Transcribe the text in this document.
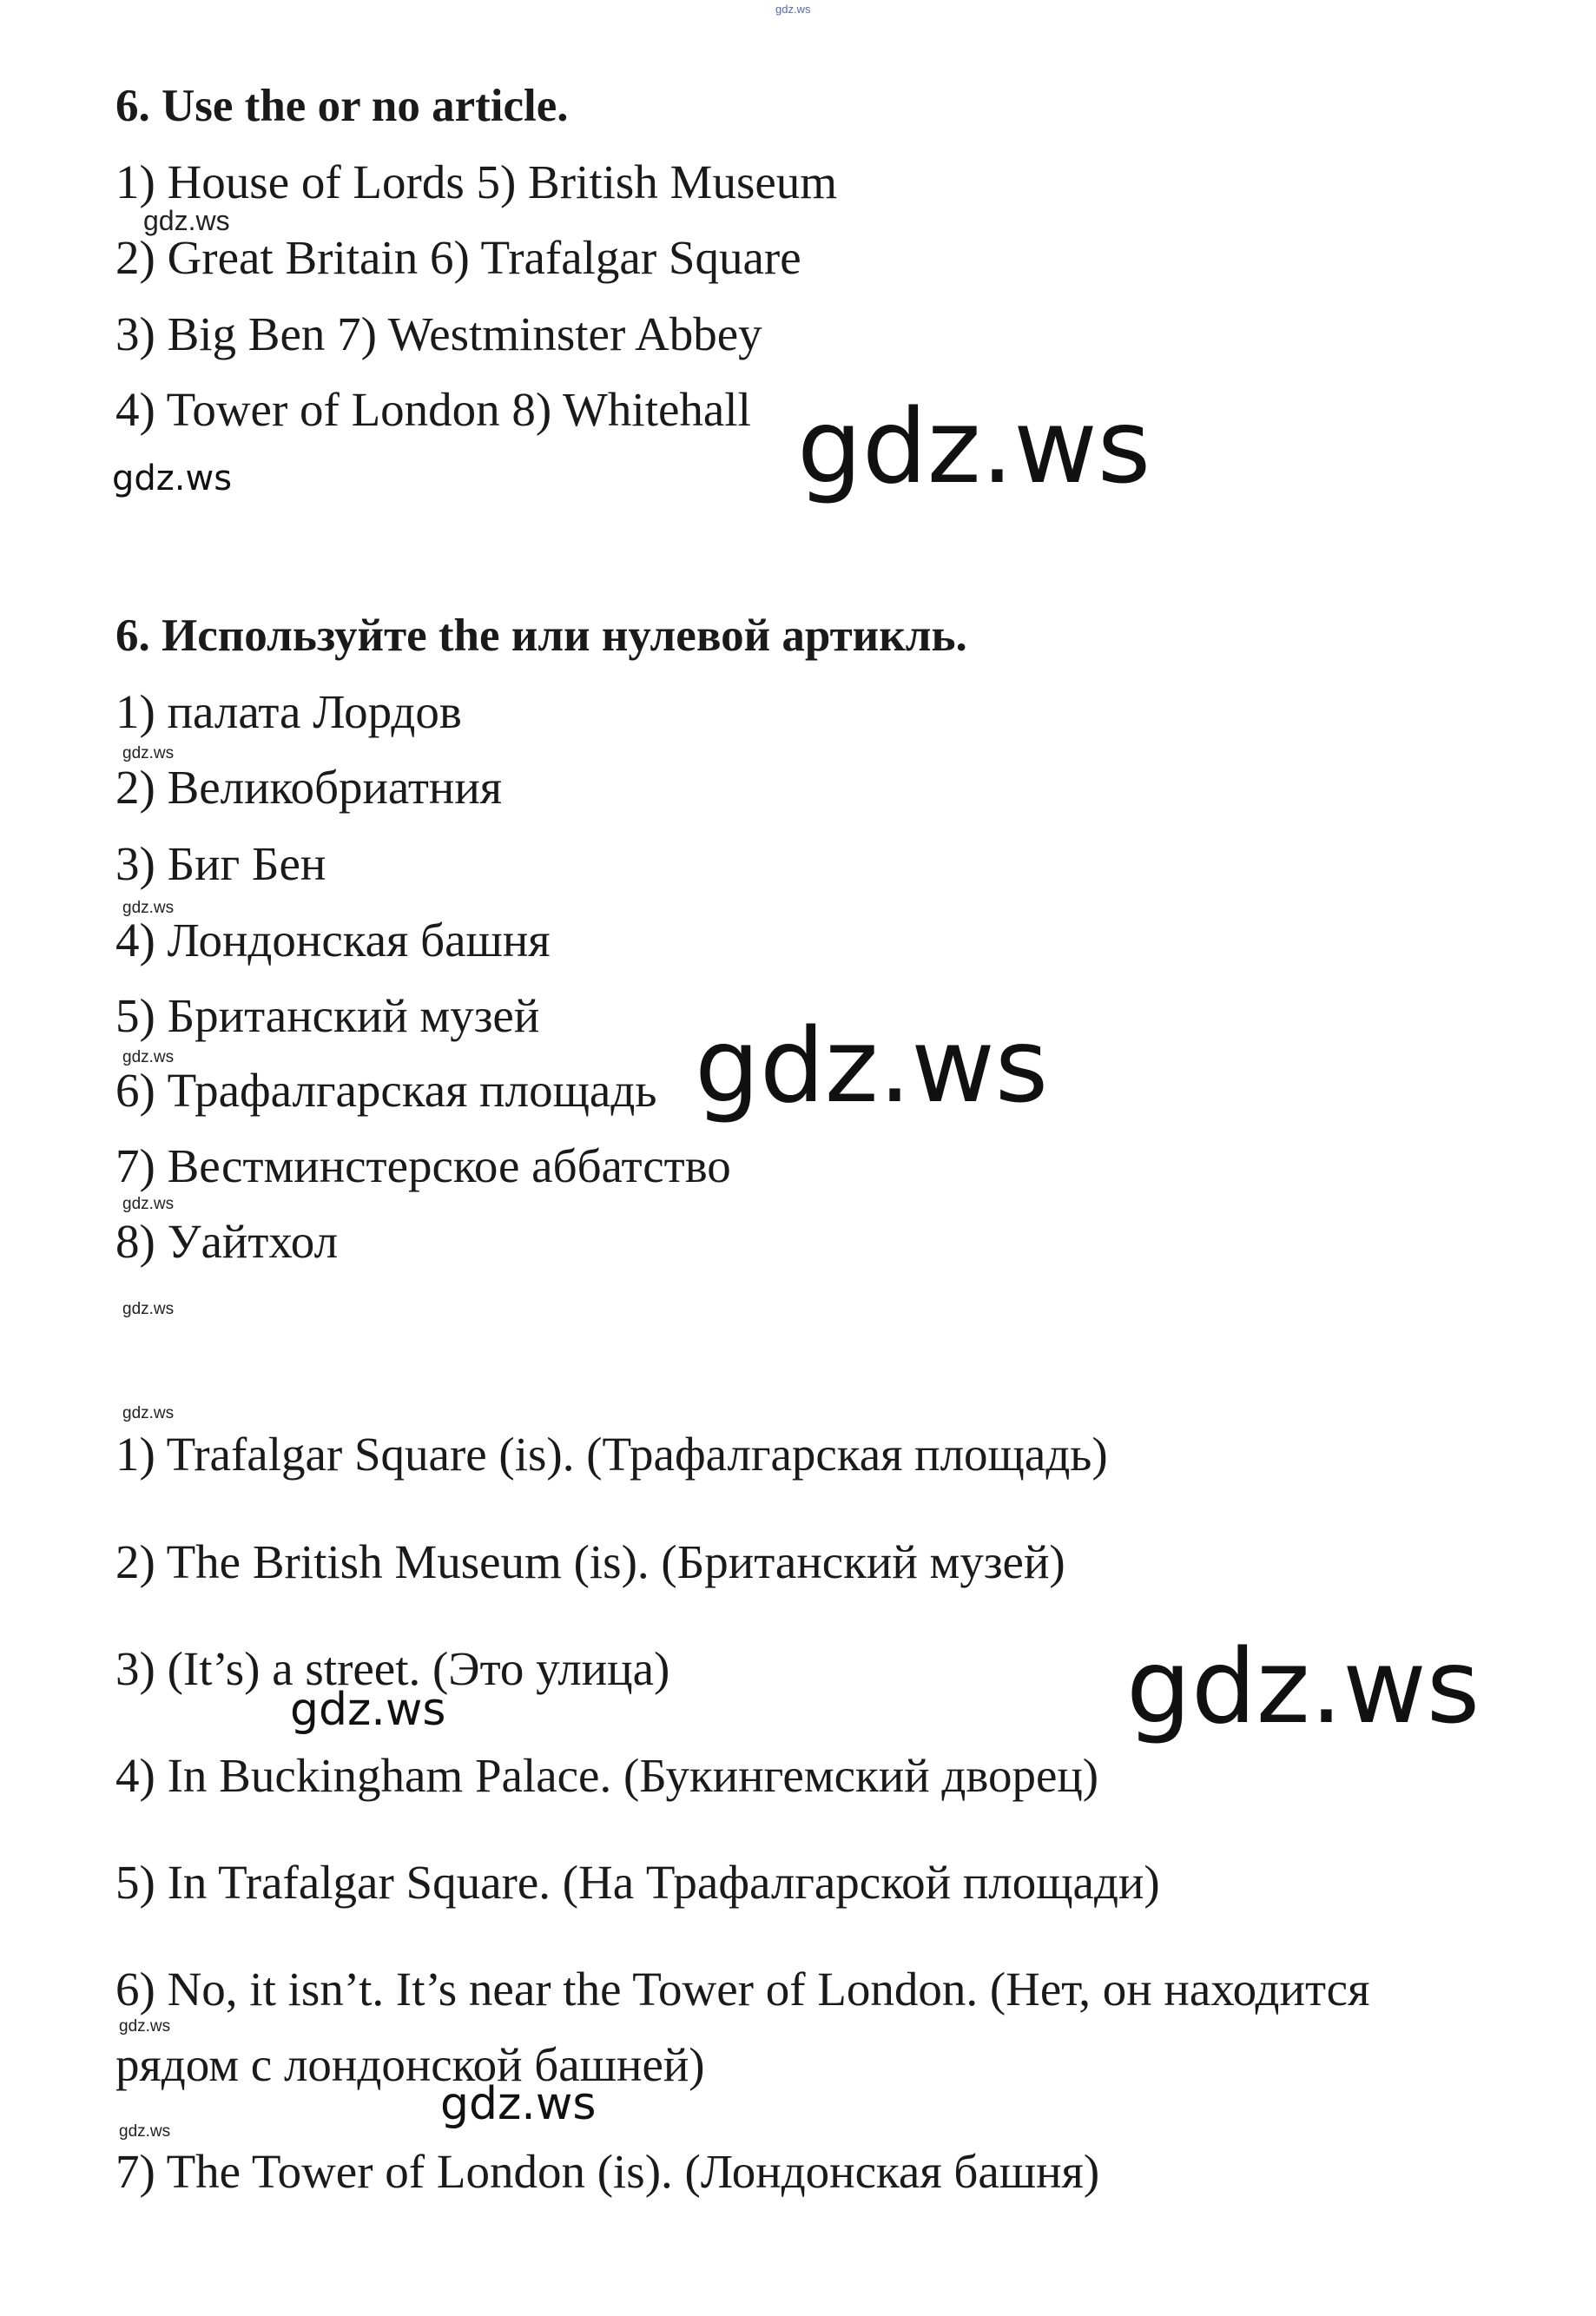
gdz.ws
6. Use the or no article.
1) House of Lords 5) British Museum
gdz.ws
2) Great Britain 6) Trafalgar Square
3) Big Ben 7) Westminster Abbey
4) Tower of London 8) Whitehall gdz.ws
gdz.ws
6. Используйте the или нулевой артикль.
1) палата Лордов
gdz.ws
2) Великобриатния
3) Биг Бен
gdz.ws
4) Лондонская башня
5) Британский музей
gdz.ws
6) Трафалгарская площадь gdz.ws
7) Вестминстерское аббатство
gdz.ws
8) Уайтхол
gdz.ws
gdz.ws
1) Trafalgar Square (is). (Трафалгарская площадь)
2) The British Museum (is). (Британский музей)
3) (It’s) a street. (Это улица)	gdz.ws
gdz.ws
4) In Buckingham Palace. (Букингемский дворец)
5) In Trafalgar Square. (На Трафалгарской площади)
6) No, it isn’t. It’s near the Tower of London. (Нет, он находится
gdz.ws
рядом с лондонской башней)
gdz.ws
gdz.ws
7) The Tower of London (is). (Лондонская башня)
